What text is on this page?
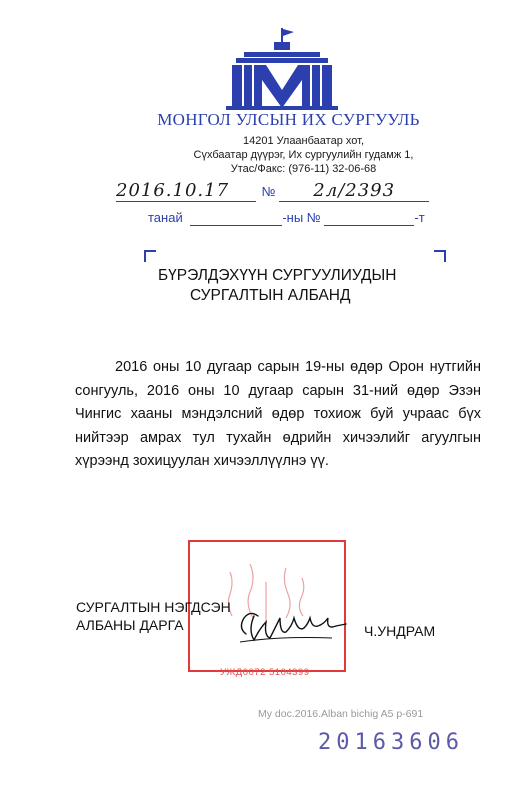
МОНГОЛ УЛСЫН ИХ СУРГУУЛЬ
14201 Улаанбаатар хот,
Сүхбаатар дүүрэг, Их сургуулийн гудамж 1,
Утас/Факс: (976-11) 32-06-68
2016.10.17	№ 2л/2393
танай	-ны №	-т
БҮРЭЛДЭХҮҮН СУРГУУЛИУДЫН
СУРГАЛТЫН АЛБАНД

2016 оны 10 дугаар сарын 19-ны өдөр Орон нутгийн сонгууль, 2016 оны 10 дугаар сарын 31-ний өдөр Эзэн Чингис хааны мэндэлсний өдөр тохиож буй учраас бүх нийтээр амрах тул тухайн өдрийн хичээлийг агуулгын хүрээнд зохицуулан хичээллүүлнэ үү.

УЖД0072 5104399
СУРГАЛТЫН НЭГДСЭН
АЛБАНЫ ДАРГА	Ч.УНДРАМ
My doc.2016.Alban bichig A5 p-691
20163606
